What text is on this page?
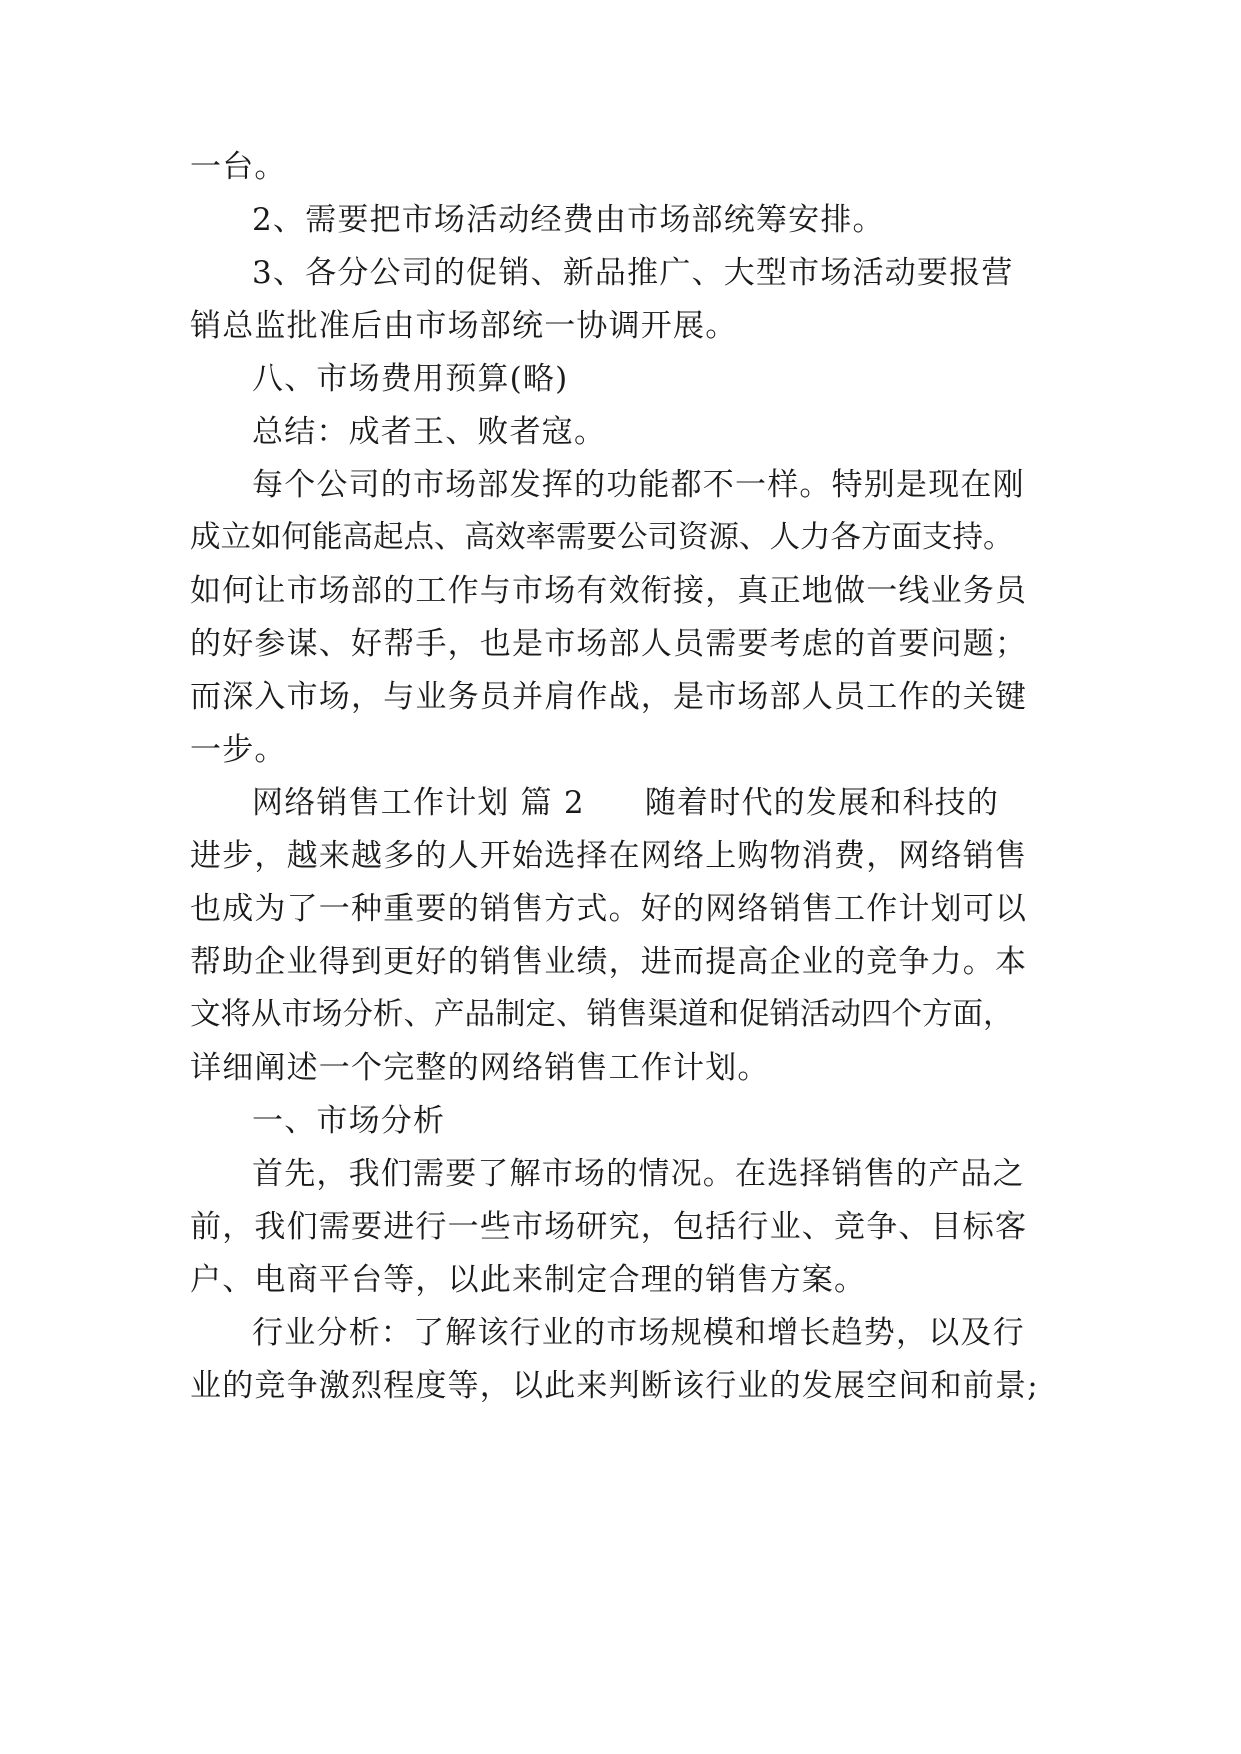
一台。
2、需要把市场活动经费由市场部统筹安排。
3、各分公司的促销、新品推广、大型市场活动要报营
销总监批准后由市场部统一协调开展。
八、市场费用预算(略)
总结：成者王、败者寇。
每个公司的市场部发挥的功能都不一样。特别是现在刚
成立如何能高起点、高效率需要公司资源、人力各方面支持。
如何让市场部的工作与市场有效衔接，真正地做一线业务员
的好参谋、好帮手，也是市场部人员需要考虑的首要问题；
而深入市场，与业务员并肩作战，是市场部人员工作的关键
一步。
网络销售工作计划 篇 2 随着时代的发展和科技的
进步，越来越多的人开始选择在网络上购物消费，网络销售
也成为了一种重要的销售方式。好的网络销售工作计划可以
帮助企业得到更好的销售业绩，进而提高企业的竞争力。本
文将从市场分析、产品制定、销售渠道和促销活动四个方面，
详细阐述一个完整的网络销售工作计划。
一、市场分析
首先，我们需要了解市场的情况。在选择销售的产品之
前，我们需要进行一些市场研究，包括行业、竞争、目标客
户、电商平台等，以此来制定合理的销售方案。
行业分析：了解该行业的市场规模和增长趋势，以及行
业的竞争激烈程度等，以此来判断该行业的发展空间和前景;
